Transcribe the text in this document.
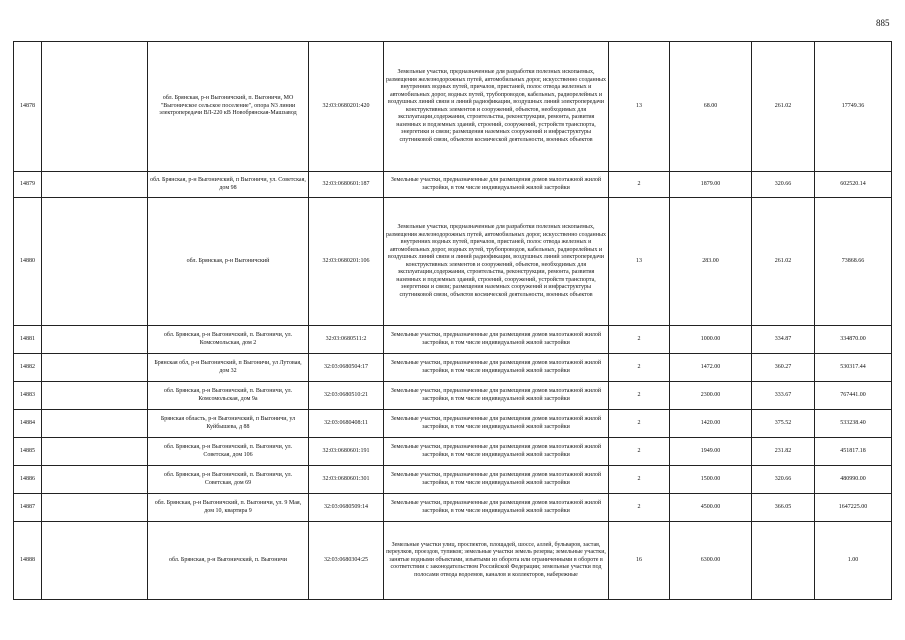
885
14878		обл. Брянская, р-н Выгоничский, п. Выгоничи, МО "Выгоничское сельское поселение", опора N3 линии электропередачи ВЛ-220 кВ Новобрянская-Машзавод	32:03:0680201:420	Земельные участки, предназначенные для разработки полезных ископаемых, размещения железнодорожных путей, автомобильных дорог, искусственно созданных внутренних водных путей, причалов, пристаней, полос отвода железных и автомобильных дорог, водных путей, трубопроводов, кабельных, радиорелейных и воздушных линий связи и линий радиофикации, воздушных линий электропередачи конструктивных элементов и сооружений, объектов, необходимых для эксплуатации,содержания, строительства, реконструкции, ремонта, развития наземных и подземных зданий, строений, сооружений, устройств транспорта, энергетики и связи; размещения наземных сооружений и инфраструктуры спутниковой связи, объектов космической деятельности, военных объектов	13	68.00	261.02	17749.36
14879		обл. Брянская, р-н Выгоничский, п Выгоничи, ул. Советская, дом 98	32:03:0680601:187	Земельные участки, предназначенные для размещения домов малоэтажной жилой застройки, в том числе индивидуальной жилой застройки	2	1879.00	320.66	602520.14
14880		обл. Брянская, р-н Выгоничский	32:03:0680201:106	Земельные участки, предназначенные для разработки полезных ископаемых, размещения железнодорожных путей, автомобильных дорог, искусственно созданных внутренних водных путей, причалов, пристаней, полос отвода железных и автомобильных дорог, водных путей, трубопроводов, кабельных, радиорелейных и воздушных линий связи и линий радиофикации, воздушных линий электропередачи конструктивных элементов и сооружений, объектов, необходимых для эксплуатации,содержания, строительства, реконструкции, ремонта, развития наземных и подземных зданий, строений, сооружений, устройств транспорта, энергетики и связи; размещения наземных сооружений и инфраструктуры спутниковой связи, объектов космической деятельности, военных объектов	13	283.00	261.02	73868.66
14881		обл. Брянская, р-н Выгоничский, п. Выгоничи, ул. Комсомольская, дом 2	32:03:0680511:2	Земельные участки, предназначенные для размещения домов малоэтажной жилой застройки, в том числе индивидуальной жилой застройки	2	1000.00	334.87	334870.00
14882		Брянская обл, р-н Выгоничский, п Выгоничи, ул Лутовая, дом 32	32:03:0680504:17	Земельные участки, предназначенные для размещения домов малоэтажной жилой застройки, в том числе индивидуальной жилой застройки	2	1472.00	360.27	530317.44
14883		обл. Брянская, р-н Выгоничский, п. Выгоничи, ул. Комсомольская, дом 9а	32:03:0680510:21	Земельные участки, предназначенные для размещения домов малоэтажной жилой застройки, в том числе индивидуальной жилой застройки	2	2300.00	333.67	767441.00
14884		Брянская область, р-н Выгоничский, п Выгоничи, ул Куйбышева, д 88	32:03:0680408:11	Земельные участки, предназначенные для размещения домов малоэтажной жилой застройки, в том числе индивидуальной жилой застройки	2	1420.00	375.52	533238.40
14885		обл. Брянская, р-н Выгоничский, п. Выгоничи, ул. Советская, дом 106	32:03:0680601:191	Земельные участки, предназначенные для размещения домов малоэтажной жилой застройки, в том числе индивидуальной жилой застройки	2	1949.00	231.82	451817.18
14886		обл. Брянская, р-н Выгоничский, п. Выгоничи, ул. Советская, дом 69	32:03:0680601:301	Земельные участки, предназначенные для размещения домов малоэтажной жилой застройки, в том числе индивидуальной жилой застройки	2	1500.00	320.66	480990.00
14887		обл. Брянская, р-н Выгоничский, п. Выгоничи, ул. 9 Мая, дом 10, квартира 9	32:03:0680509:14	Земельные участки, предназначенные для размещения домов малоэтажной жилой застройки, в том числе индивидуальной жилой застройки	2	4500.00	366.05	1647225.00
14888		обл. Брянская, р-н Выгоничский, п. Выгоничи	32:03:0680304:25	Земельные участки улиц, проспектов, площадей, шоссе, аллей, бульваров, застав, переулков, проездов, тупиков; земельные участки земель резерва; земельные участки, занятые водными объектами, изъятыми из оборота или ограниченными в обороте в соответствии с законодательством Российской Федерации; земельные участки под полосами отвода водоемов, каналов и коллекторов, набережные	16	6300.00		1.00
